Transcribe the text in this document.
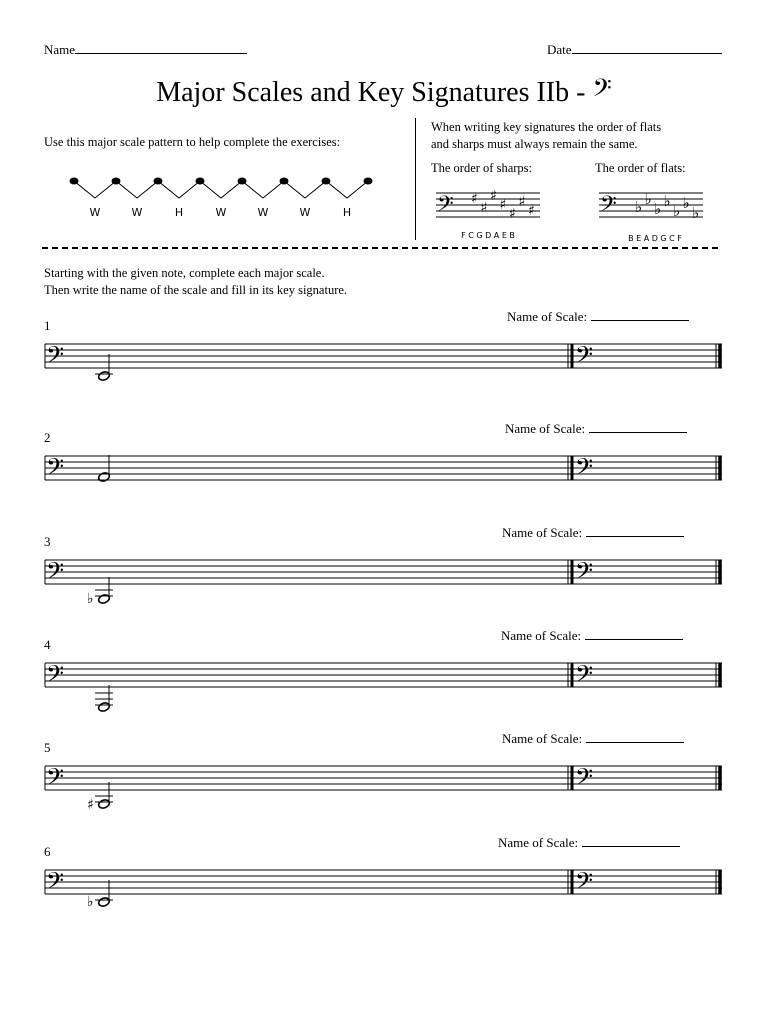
Name	Date
Major Scales and Key Signatures IIb - 𝄢
Use this major scale pattern to help complete the exercises:
W	W	H	W	W	W	H
When writing key signatures the order of flats
and sharps must always remain the same.
The order of sharps:	The order of flats:
𝄢 ♯
♯
♯
♯
♯
♯
♯
F C G D A E B
𝄢 ♭ ♭
♭ ♭
♭ ♭
♭
B E A D G C F
Starting with the given note, complete each major scale.
Then write the name of the scale and fill in its key signature.
1
Name of Scale:
𝄢	𝄢
2
Name of Scale:
𝄢	𝄢
3
Name of Scale:
𝄢
♭
𝄢
4
Name of Scale:
𝄢	𝄢
5
Name of Scale:
𝄢
♯
𝄢
6
Name of Scale:
𝄢
♭
𝄢
